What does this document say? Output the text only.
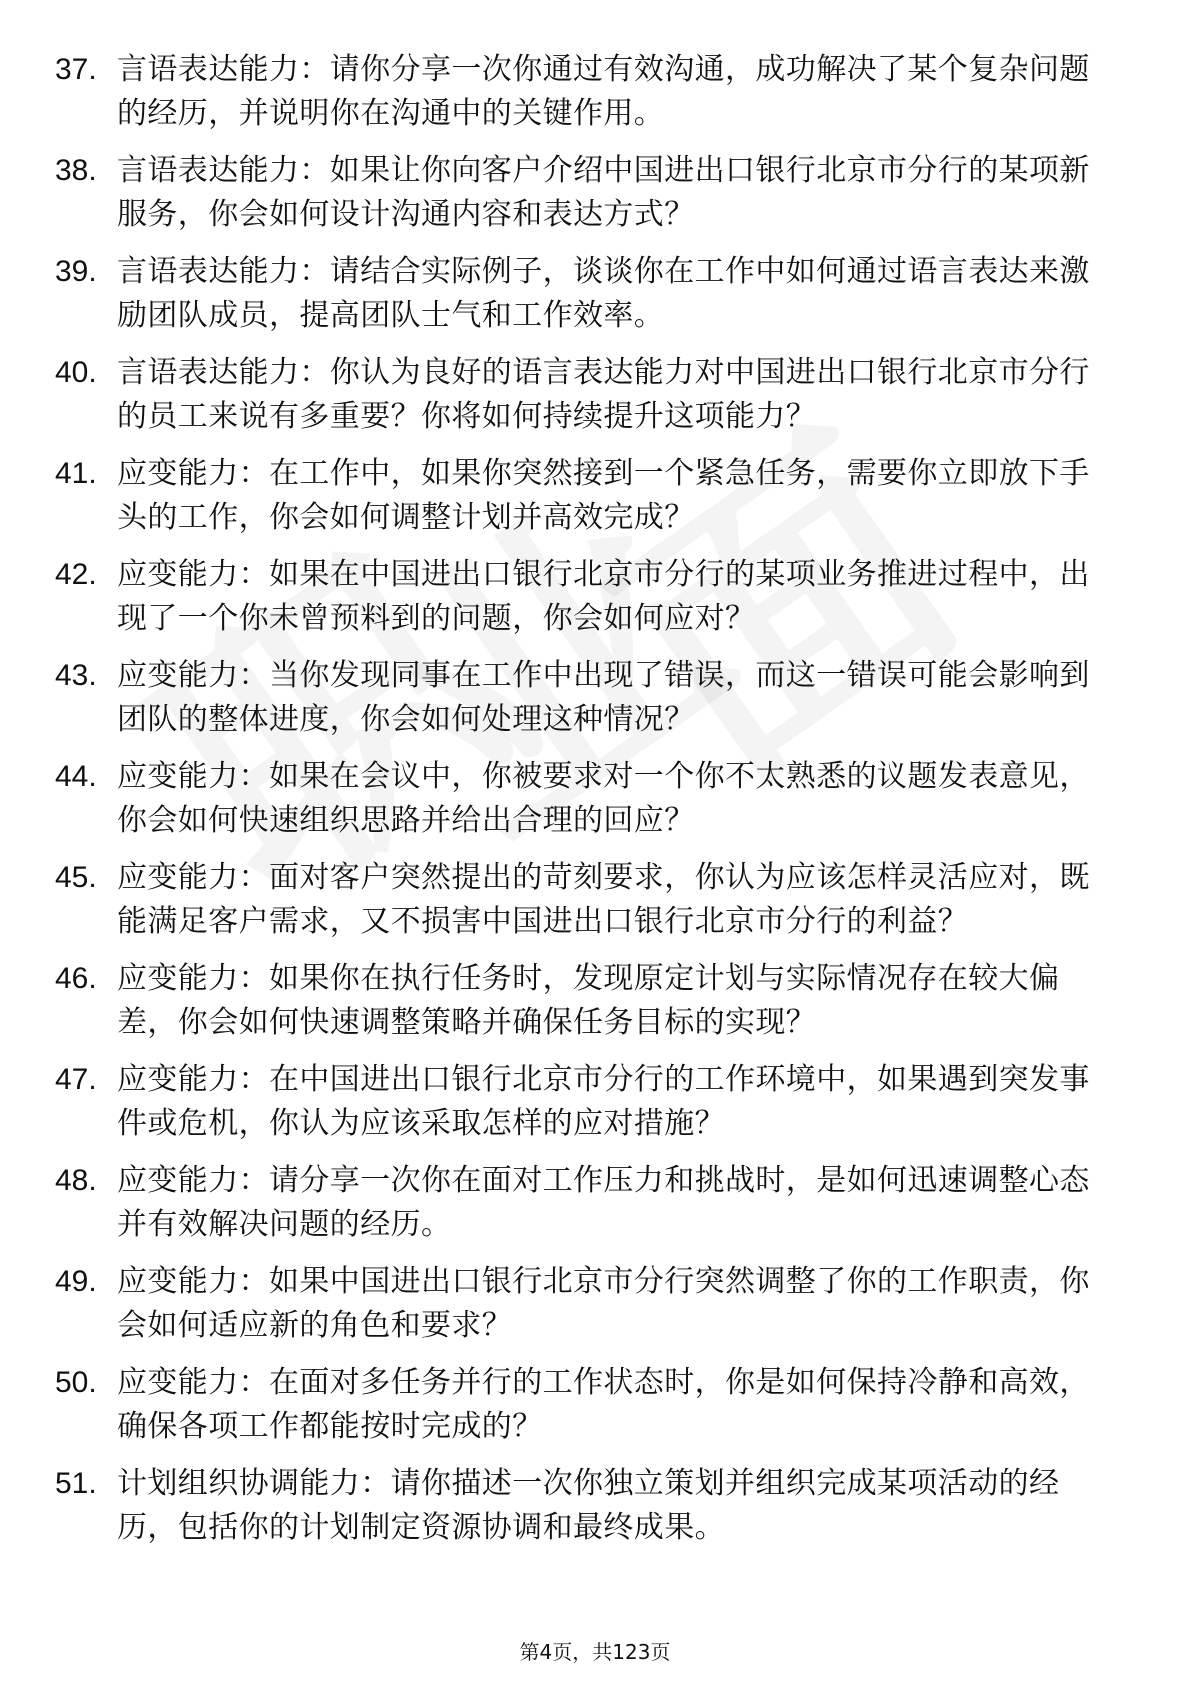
37. 言语表达能力：请你分享一次你通过有效沟通，成功解决了某个复杂问题的经历，并说明你在沟通中的关键作用。
38. 言语表达能力：如果让你向客户介绍中国进出口银行北京市分行的某项新服务，你会如何设计沟通内容和表达方式？
39. 言语表达能力：请结合实际例子，谈谈你在工作中如何通过语言表达来激励团队成员，提高团队士气和工作效率。
40. 言语表达能力：你认为良好的语言表达能力对中国进出口银行北京市分行的员工来说有多重要？你将如何持续提升这项能力？
41. 应变能力：在工作中，如果你突然接到一个紧急任务，需要你立即放下手头的工作，你会如何调整计划并高效完成？
42. 应变能力：如果在中国进出口银行北京市分行的某项业务推进过程中，出现了一个你未曾预料到的问题，你会如何应对？
43. 应变能力：当你发现同事在工作中出现了错误，而这一错误可能会影响到团队的整体进度，你会如何处理这种情况？
44. 应变能力：如果在会议中，你被要求对一个你不太熟悉的议题发表意见，你会如何快速组织思路并给出合理的回应？
45. 应变能力：面对客户突然提出的苛刻要求，你认为应该怎样灵活应对，既能满足客户需求，又不损害中国进出口银行北京市分行的利益？
46. 应变能力：如果你在执行任务时，发现原定计划与实际情况存在较大偏差，你会如何快速调整策略并确保任务目标的实现？
47. 应变能力：在中国进出口银行北京市分行的工作环境中，如果遇到突发事件或危机，你认为应该采取怎样的应对措施？
48. 应变能力：请分享一次你在面对工作压力和挑战时，是如何迅速调整心态并有效解决问题的经历。
49. 应变能力：如果中国进出口银行北京市分行突然调整了你的工作职责，你会如何适应新的角色和要求？
50. 应变能力：在面对多任务并行的工作状态时，你是如何保持冷静和高效，确保各项工作都能按时完成的？
51. 计划组织协调能力：请你描述一次你独立策划并组织完成某项活动的经历，包括你的计划制定资源协调和最终成果。
第4页，共123页
